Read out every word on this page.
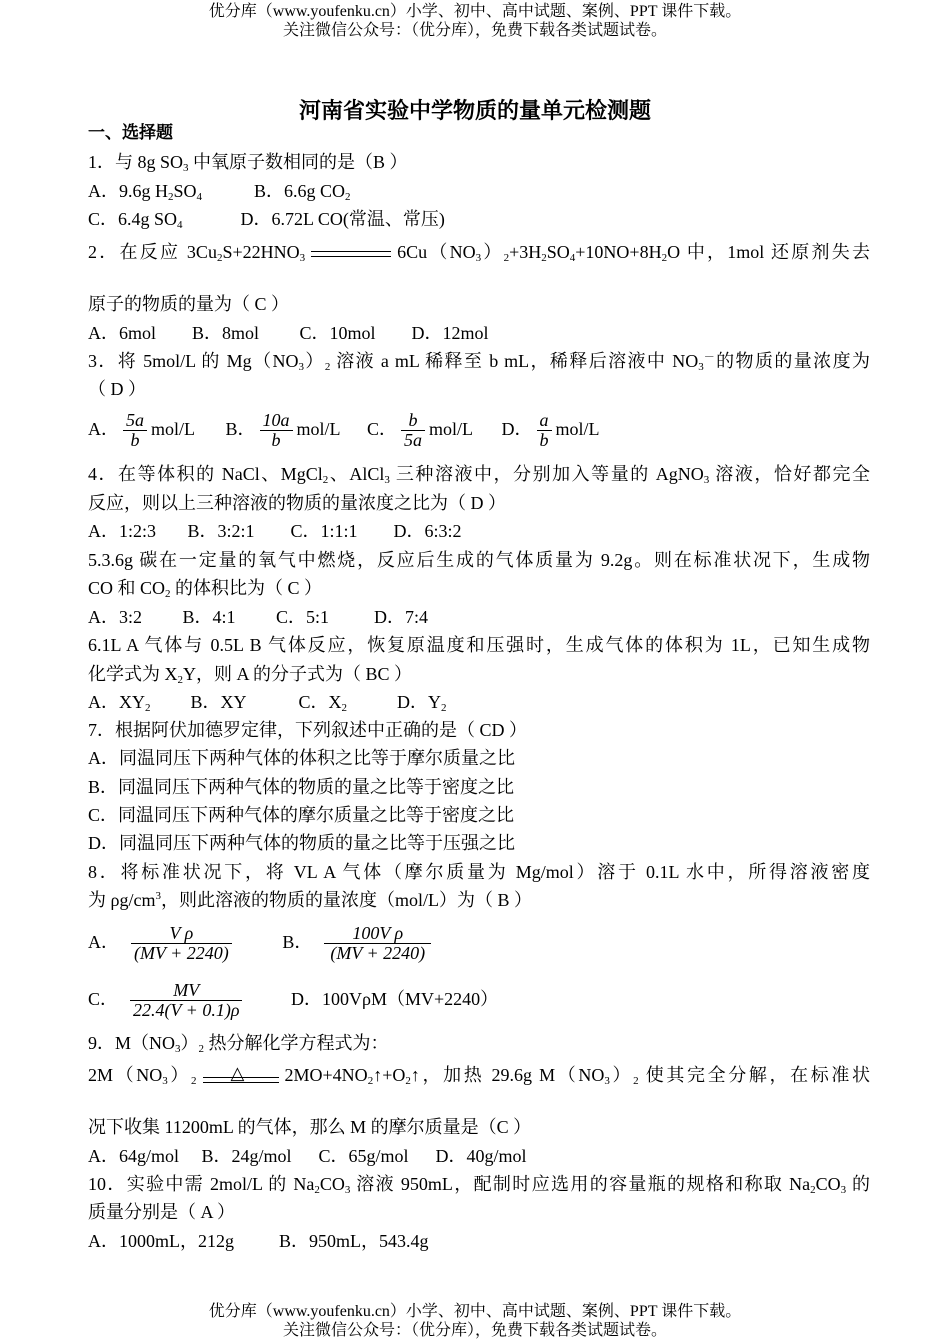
优分库（www.youfenku.cn）小学、初中、高中试题、案例、PPT 课件下载。
关注微信公众号：（优分库），免费下载各类试题试卷。
河南省实验中学物质的量单元检测题
一、选择题
1．与 8g $SO_3$ 中氧原子数相同的是（B ）
A．9.6g $H_2SO_4$	B．6.6g $CO_2$
C．6.4g $SO_4$	D．6.72L CO(常温、常压)
2．在反应 $3Cu_2S+22HNO_3$	$6Cu(NO_3)_2+3H_2SO_4+10NO+8H_2O$ 中，1mol 还原剂失去
原子的物质的量为（ C ）
A．6mol        B．8mol         C．10mol        D．12mol
3．将 5mol/L 的 $Mg(NO_3)_2$ 溶液 a mL 稀释至 b mL，稀释后溶液中 $NO_3^-$的物质的量浓度为
（ D ）
A． $\frac{5a}{b} mol/L$ B． $\frac{10a}{b} mol/L$ C． $\frac{b}{5a} mol/L$ D． $\frac{a}{b} mol/L$
4．在等体积的 NaCl、MgCl$_2$、AlCl$_3$ 三种溶液中，分别加入等量的 AgNO$_3$ 溶液，恰好都完全
反应，则以上三种溶液的物质的量浓度之比为（ D ）
A．1:2:3       B．3:2:1        C．1:1:1        D．6:3:2
5.3.6g 碳在一定量的氧气中燃烧，反应后生成的气体质量为 9.2g。则在标准状况下，生成物
CO 和 $CO_2$ 的体积比为（ C ）
A．3:2         B．4:1         C．5:1          D．7:4
6.1L A 气体与 0.5L B 气体反应，恢复原温度和压强时，生成气体的体积为 1L，已知生成物
化学式为 $X_2Y$，则 A 的分子式为（ BC ）
A．$XY_2$ B．XY	C．$X_2$	D．$Y_2$
7．根据阿伏加德罗定律，下列叙述中正确的是（ CD ）
A．同温同压下两种气体的体积之比等于摩尔质量之比
B．同温同压下两种气体的物质的量之比等于密度之比
C．同温同压下两种气体的摩尔质量之比等于密度之比
D．同温同压下两种气体的物质的量之比等于压强之比
8．将标准状况下，将 VL A 气体（摩尔质量为 Mg/mol）溶于 0.1L 水中，所得溶液密度
为 $\rho g/cm^3$，则此溶液的物质的量浓度（mol/L）为（ B ）
A． $\frac{\text{V ρ}}{(MV + 2240)}$	B． $\frac{\text{100V ρ}}{(MV + 2240)}$
C． $\frac{MV}{22.4(V + 0.1)\rho}$	D．100VρM（MV+2240）
9．$M(NO_3)_2$ 热分解化学方程式为：
$2M(NO_3)_2$ △ $2MO+4NO_2↑+O_2↑$，加热 29.6g $M(NO_3)_2$ 使其完全分解，在标准状
况下收集 11200mL 的气体，那么 M 的摩尔质量是（C ）
A．64g/mol     B．24g/mol      C．65g/mol      D．40g/mol
10．实验中需 2mol/L 的 $Na_2CO_3$ 溶液 950mL，配制时应选用的容量瓶的规格和称取 $Na_2CO_3$ 的
质量分别是（ A ）
A．1000mL，212g          B．950mL，543.4g
优分库（www.youfenku.cn）小学、初中、高中试题、案例、PPT 课件下载。
关注微信公众号：（优分库），免费下载各类试题试卷。
